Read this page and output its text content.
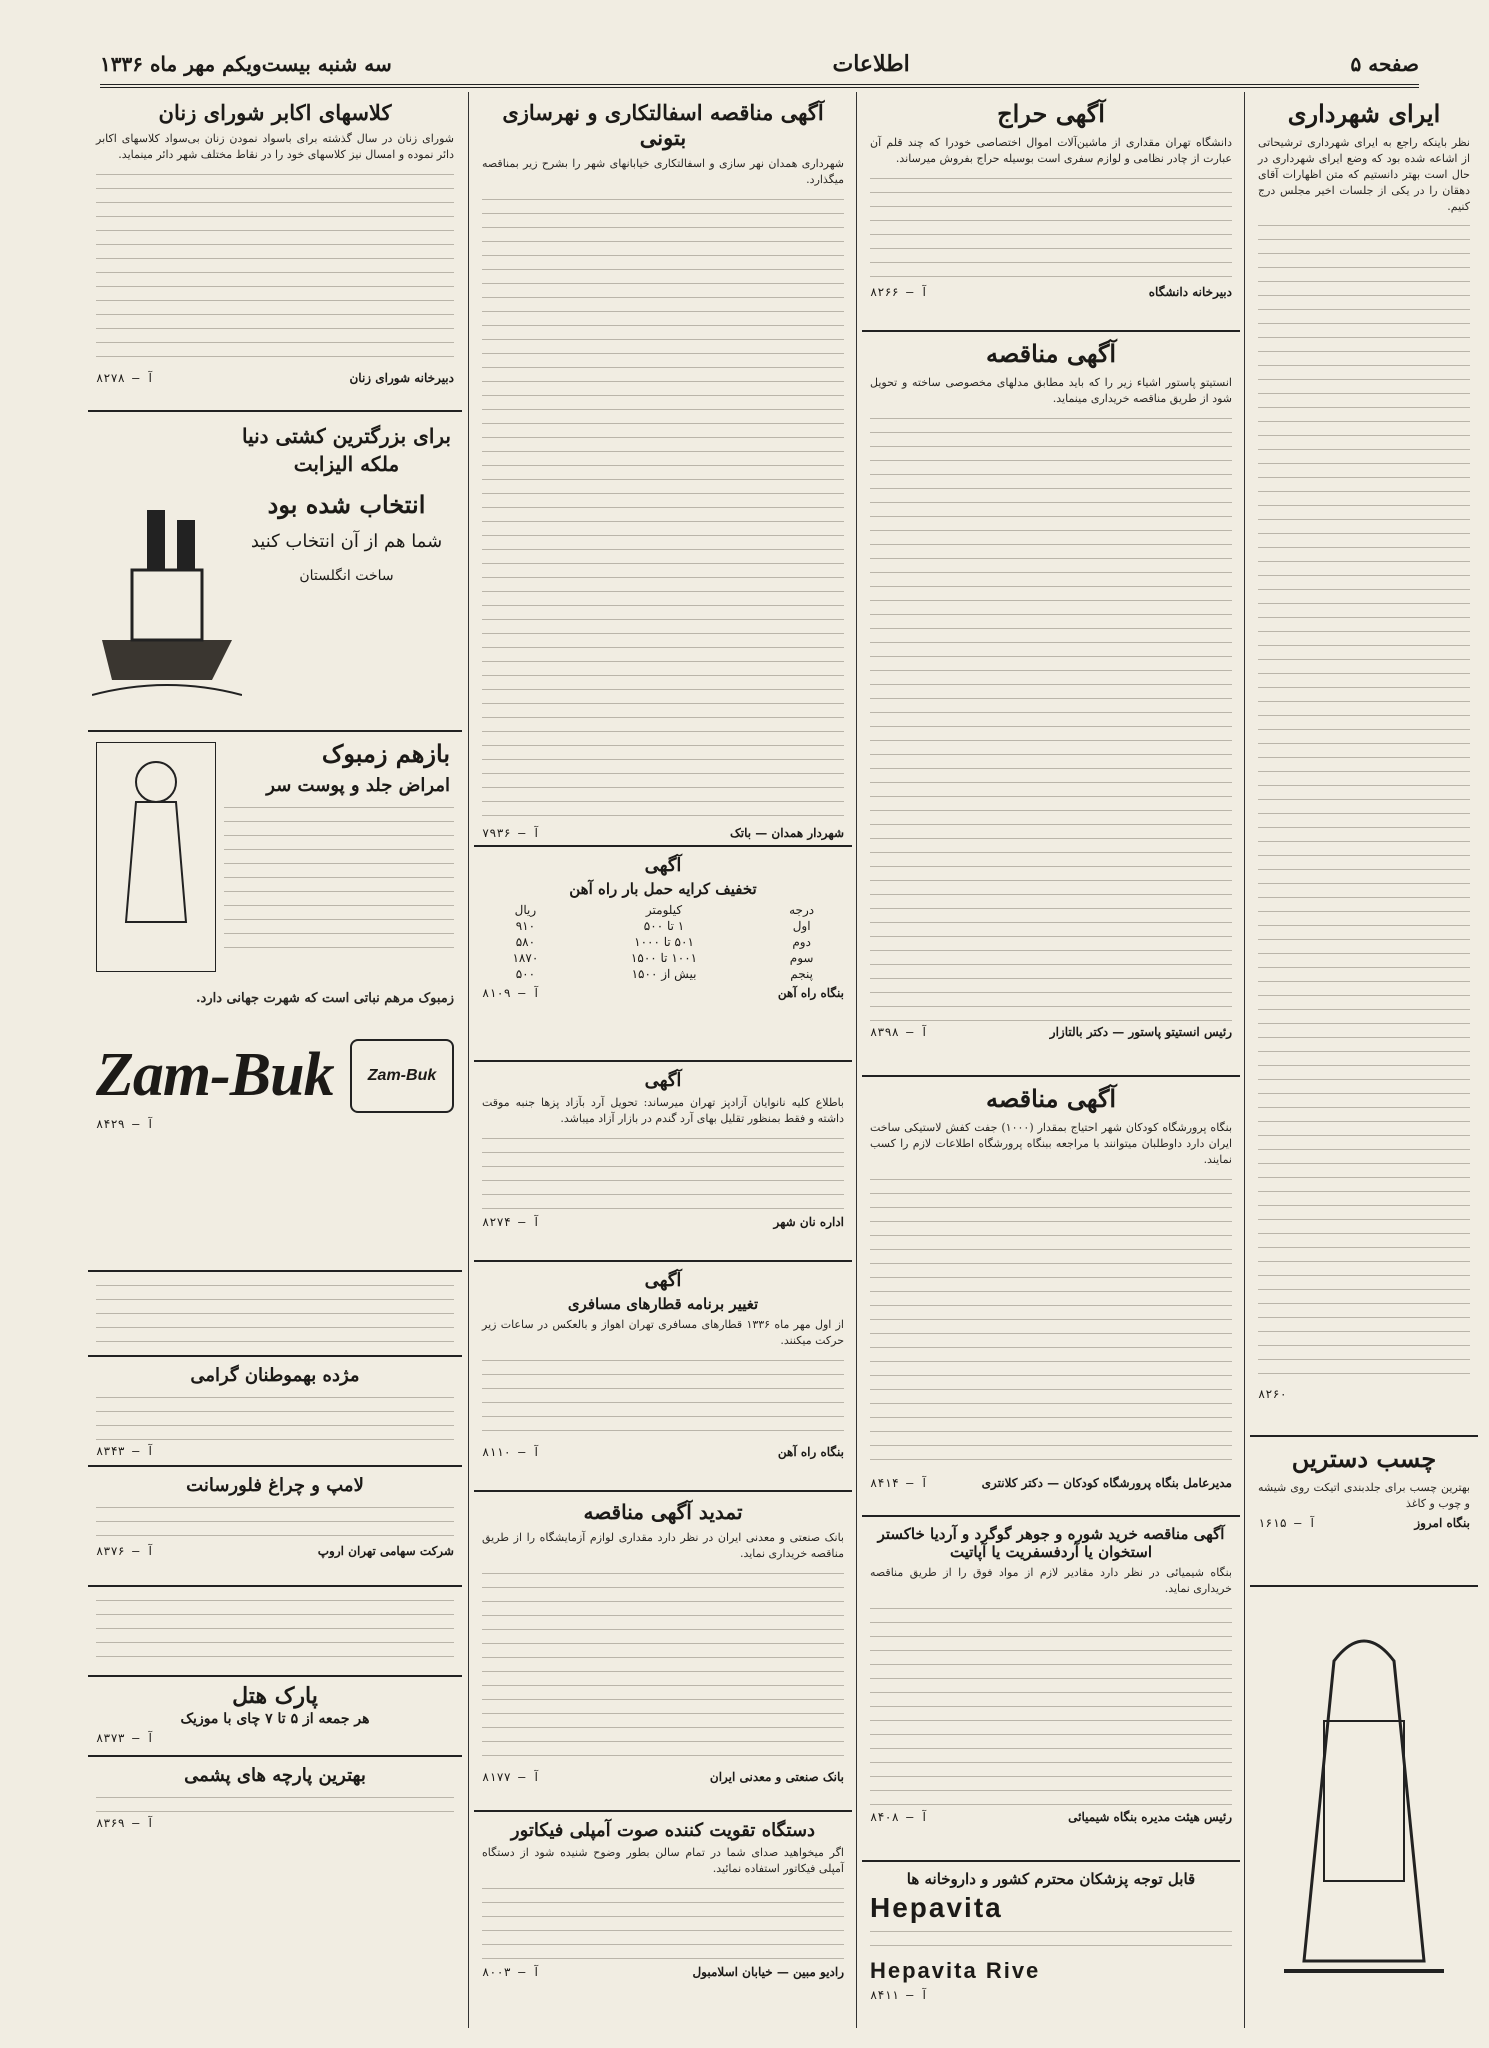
صفحه ۵
اطلاعات
سه شنبه بیست‌ویکم مهر ماه ۱۳۳۶
ایرای شهرداری

نظر باینکه راجع به ایرای شهرداری ترشیحاتی از اشاعه شده بود که وضع ایرای شهرداری در حال است بهتر دانستیم که متن اظهارات آقای دهقان را در یکی از جلسات اخیر مجلس درج کنیم.

۸۲۶۰
چسب دستریں

بهترین چسب برای جلدبندی اتیکت روی شیشه و چوب و کاغذ

بنگاه امروز
آ — ۱۶۱۵
آگهی حراج

دانشگاه تهران مقداری از ماشین‌آلات اموال اختصاصی خودرا که چند قلم آن عبارت از چادر نظامی و لوازم سفری است بوسیله حراج بفروش میرساند.

دبیرخانه دانشگاه
آ — ۸۲۶۶
آگهی مناقصه

انستیتو پاستور اشیاء زیر را که باید مطابق مدلهای مخصوصی ساخته و تحویل شود از طریق مناقصه خریداری مینماید.

رئیس انستیتو پاستور — دکتر بالتازار
آ — ۸۳۹۸
آگهی مناقصه

بنگاه پرورشگاه کودکان شهر احتیاج بمقدار (۱۰۰۰) جفت کفش لاستیکی ساخت ایران دارد داوطلبان میتوانند با مراجعه ببنگاه پرورشگاه اطلاعات لازم را کسب نمایند.

مدیرعامل بنگاه پرورشگاه کودکان — دکتر کلانتری
آ — ۸۴۱۴
آگهی مناقصه خرید شوره و جوهر گوگرد و آردیا خاکستر استخوان یا آردفسفریت یا آپاتیت

بنگاه شیمیائی در نظر دارد مقادیر لازم از مواد فوق را از طریق مناقصه خریداری نماید.

رئیس هیئت مدیره بنگاه شیمیائی
آ — ۸۴۰۸
قابل توجه پزشکان محترم کشور و داروخانه ها
Hepavita
Hepavita Rive
آ — ۸۴۱۱
آگهی مناقصه اسفالتکاری و نهرسازی بتونی

شهرداری همدان نهر سازی و اسفالتکاری خیابانهای شهر را بشرح زیر بمناقصه میگذارد.

شهردار همدان — باتک
آ — ۷۹۳۶
آگهی
تخفیف کرایه حمل بار راه آهن
درجه	کیلومتر	ریال
اول	۱ تا ۵۰۰	۹۱۰
دوم	۵۰۱ تا ۱۰۰۰	۵۸۰
سوم	۱۰۰۱ تا ۱۵۰۰	۱۸۷۰
پنجم	بیش از ۱۵۰۰	۵۰۰
بنگاه راه آهن
آ — ۸۱۰۹
آگهی

باطلاع کلیه نانوایان آزادپز تهران میرساند: تحویل آرد بآزاد پزها جنبه موقت داشته و فقط بمنظور تقلیل بهای آرد گندم در بازار آزاد میباشد.

اداره نان شهر
آ — ۸۲۷۴
آگهی
تغییر برنامه قطارهای مسافری

از اول مهر ماه ۱۳۳۶ قطارهای مسافری تهران اهواز و بالعکس در ساعات زیر حرکت میکنند.

بنگاه راه آهن
آ — ۸۱۱۰
تمدید آگهی مناقصه

بانک صنعتی و معدنی ایران در نظر دارد مقداری لوازم آزمایشگاه را از طریق مناقصه خریداری نماید.

بانک صنعتی و معدنی ایران
آ — ۸۱۷۷
دستگاه تقویت کننده صوت آمپلی فیکاتور

اگر میخواهید صدای شما در تمام سالن بطور وضوح شنیده شود از دستگاه آمپلی فیکاتور استفاده نمائید.

رادیو مبین — خیابان اسلامبول
آ — ۸۰۰۳
کلاسهای اکابر شورای زنان

شورای زنان در سال گذشته برای باسواد نمودن زنان بی‌سواد کلاسهای اکابر دائر نموده و امسال نیز کلاسهای خود را در نقاط مختلف شهر دائر مینماید.

دبیرخانه شورای زنان
آ — ۸۲۷۸
برای بزرگترین کشتی دنیا ملکه الیزابت
انتخاب شده بود
شما هم از آن انتخاب کنید
ساخت انگلستان
بازهم زمبوک
امراض جلد و پوست سر

زمبوک مرهم نباتی است که شهرت جهانی دارد.

Zam-Buk
Zam-Buk
آ — ۸۴۲۹
مژده بهموطنان گرامی
آ — ۸۳۴۳
لامپ و چراغ فلورسانت
شرکت سهامی تهران اروپ
آ — ۸۳۷۶
پارک هتل
هر جمعه از ۵ تا ۷ چای با موزیک
آ — ۸۳۷۳
بهترین پارچه های پشمی
آ — ۸۳۶۹
